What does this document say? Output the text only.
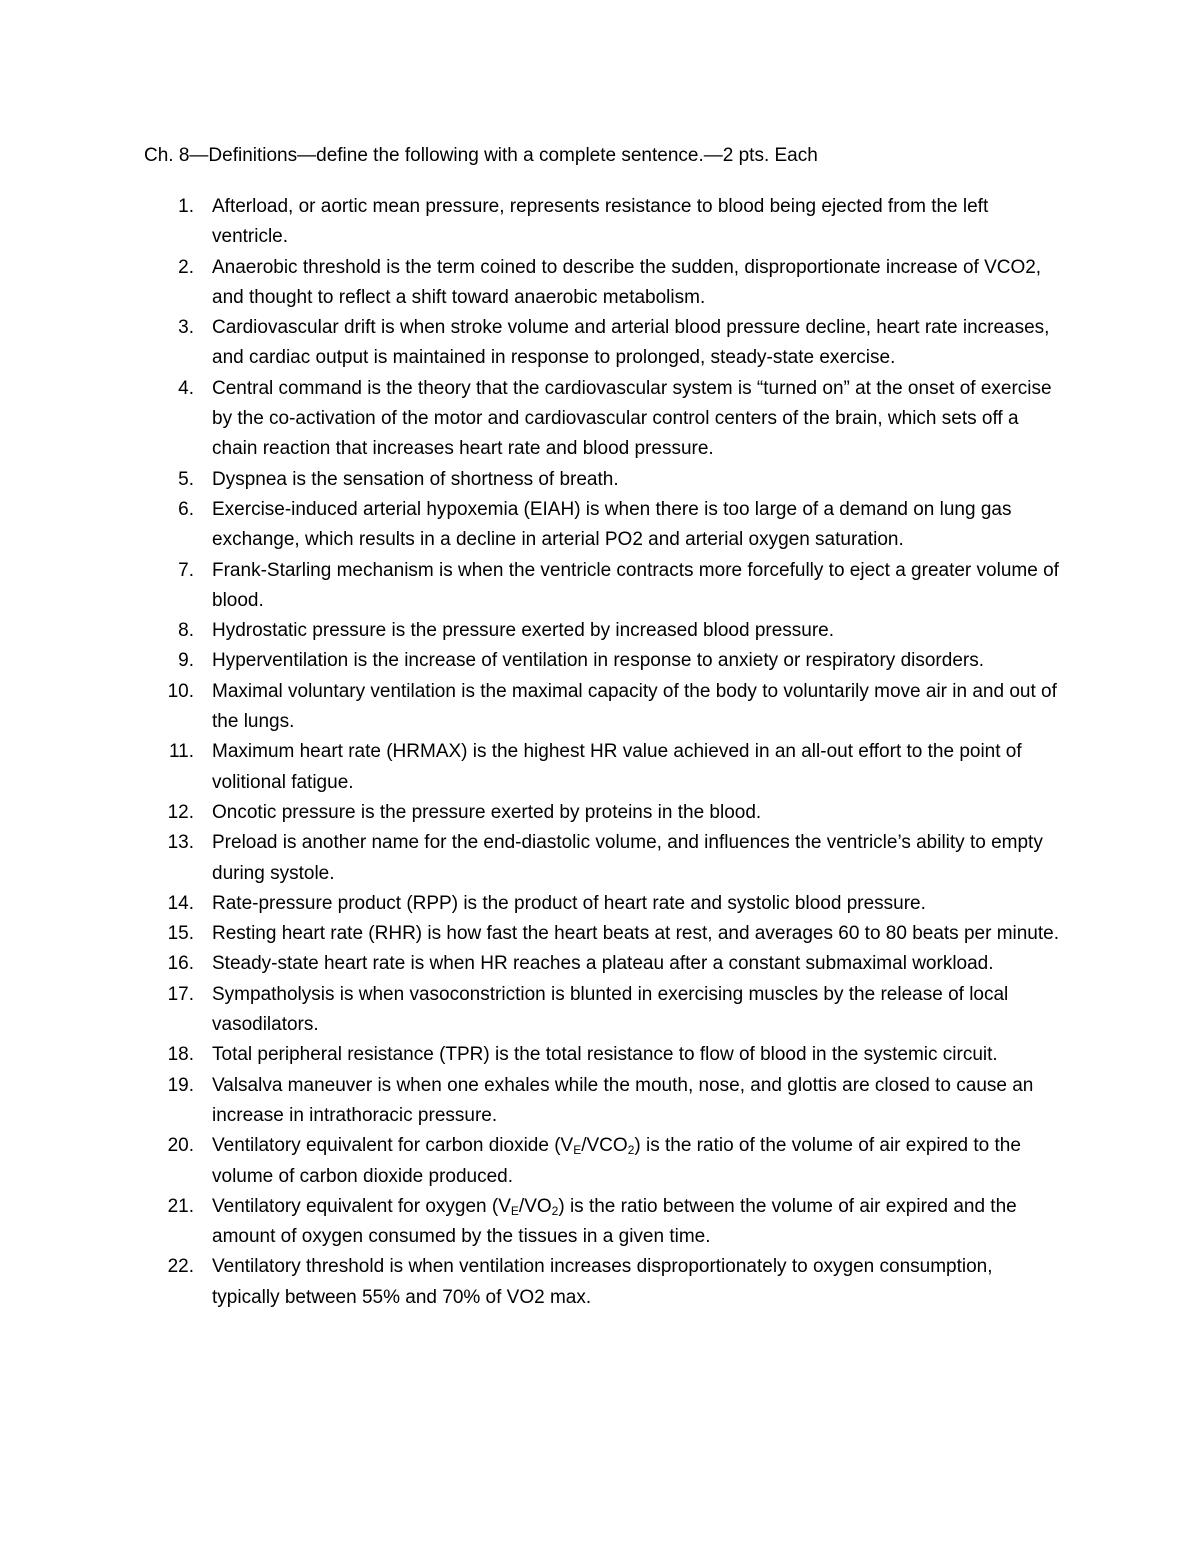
Ch. 8—Definitions—define the following with a complete sentence.—2 pts. Each
1. Afterload, or aortic mean pressure, represents resistance to blood being ejected from the left ventricle.
2. Anaerobic threshold is the term coined to describe the sudden, disproportionate increase of VCO2, and thought to reflect a shift toward anaerobic metabolism.
3. Cardiovascular drift is when stroke volume and arterial blood pressure decline, heart rate increases, and cardiac output is maintained in response to prolonged, steady-state exercise.
4. Central command is the theory that the cardiovascular system is “turned on” at the onset of exercise by the co-activation of the motor and cardiovascular control centers of the brain, which sets off a chain reaction that increases heart rate and blood pressure.
5. Dyspnea is the sensation of shortness of breath.
6. Exercise-induced arterial hypoxemia (EIAH) is when there is too large of a demand on lung gas exchange, which results in a decline in arterial PO2 and arterial oxygen saturation.
7. Frank-Starling mechanism is when the ventricle contracts more forcefully to eject a greater volume of blood.
8. Hydrostatic pressure is the pressure exerted by increased blood pressure.
9. Hyperventilation is the increase of ventilation in response to anxiety or respiratory disorders.
10. Maximal voluntary ventilation is the maximal capacity of the body to voluntarily move air in and out of the lungs.
11. Maximum heart rate (HRMAX) is the highest HR value achieved in an all-out effort to the point of volitional fatigue.
12. Oncotic pressure is the pressure exerted by proteins in the blood.
13. Preload is another name for the end-diastolic volume, and influences the ventricle’s ability to empty during systole.
14. Rate-pressure product (RPP) is the product of heart rate and systolic blood pressure.
15. Resting heart rate (RHR) is how fast the heart beats at rest, and averages 60 to 80 beats per minute.
16. Steady-state heart rate is when HR reaches a plateau after a constant submaximal workload.
17. Sympatholysis is when vasoconstriction is blunted in exercising muscles by the release of local vasodilators.
18. Total peripheral resistance (TPR) is the total resistance to flow of blood in the systemic circuit.
19. Valsalva maneuver is when one exhales while the mouth, nose, and glottis are closed to cause an increase in intrathoracic pressure.
20. Ventilatory equivalent for carbon dioxide $(V_E/VCO_2)$ is the ratio of the volume of air expired to the volume of carbon dioxide produced.
21. Ventilatory equivalent for oxygen $(V_E/VO_2)$ is the ratio between the volume of air expired and the amount of oxygen consumed by the tissues in a given time.
22. Ventilatory threshold is when ventilation increases disproportionately to oxygen consumption, typically between 55% and 70% of VO2 max.
